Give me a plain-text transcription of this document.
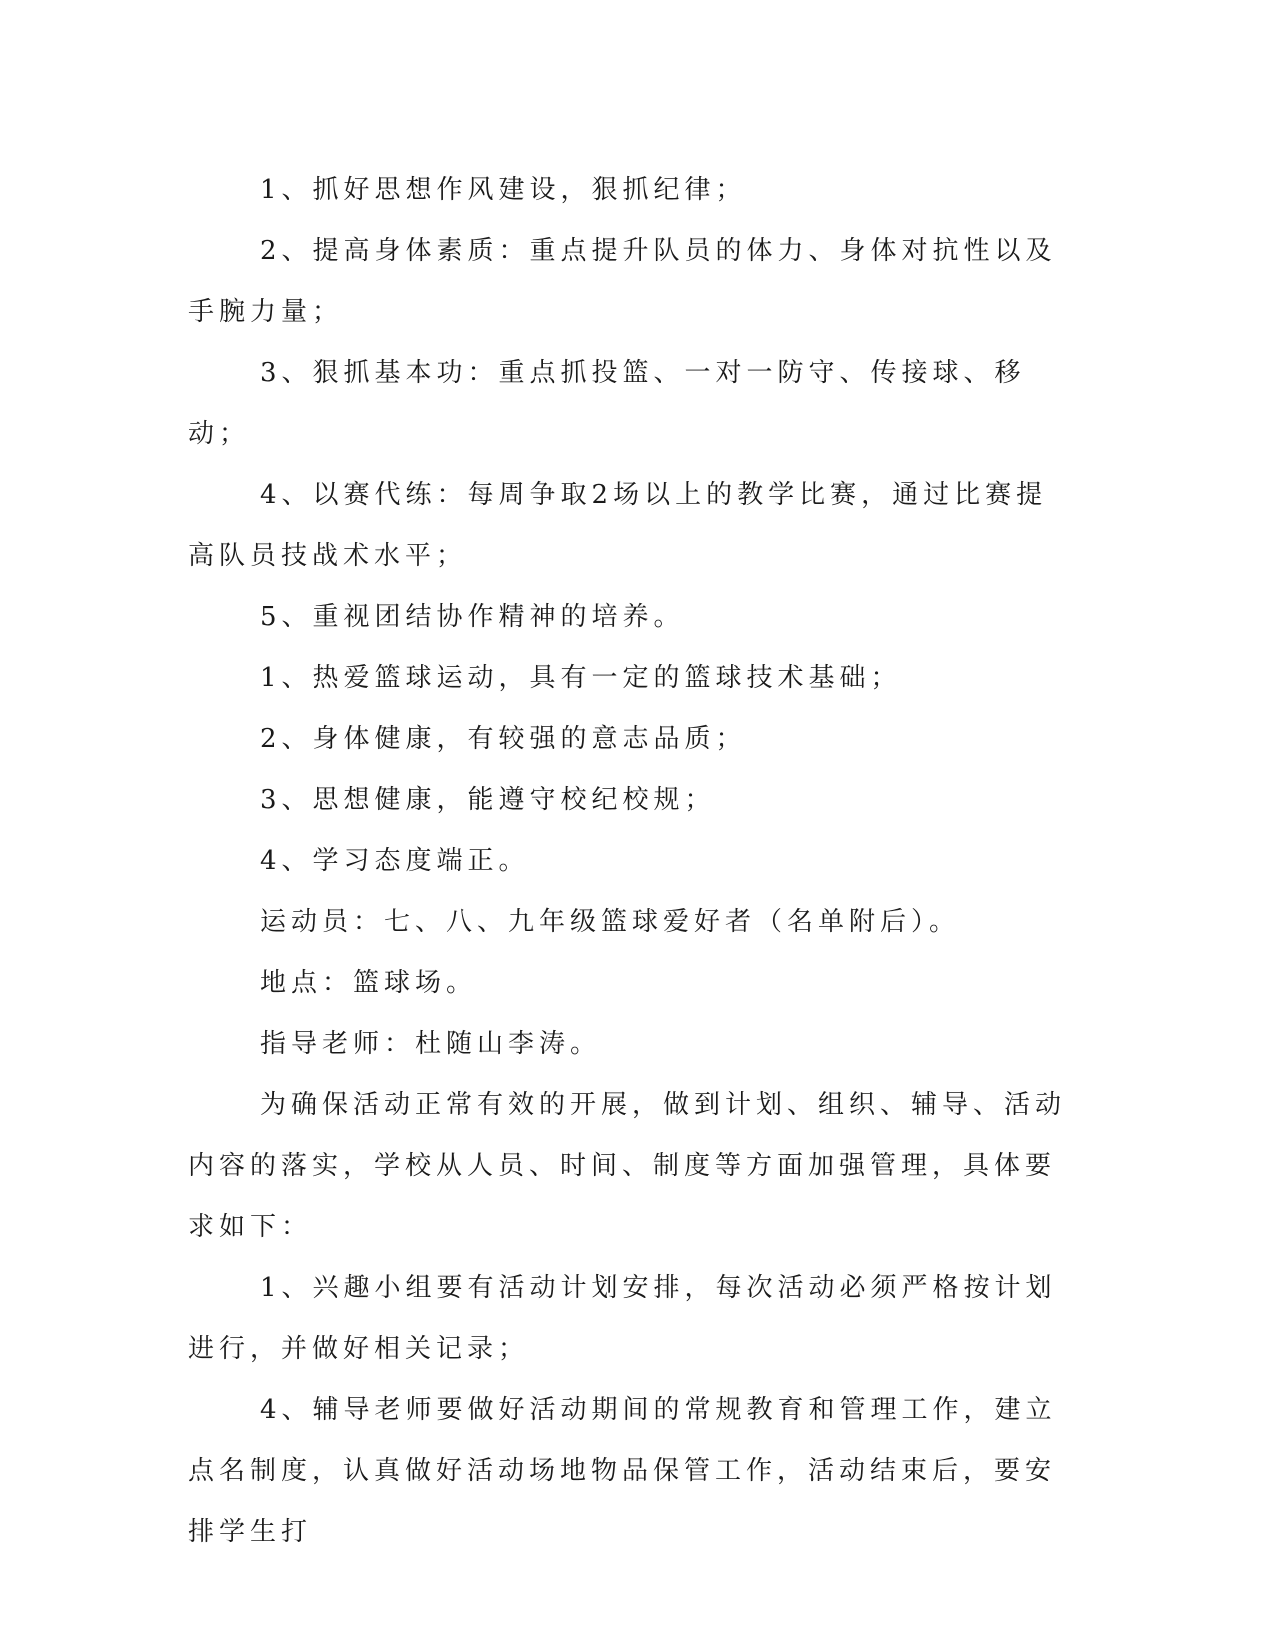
1、抓好思想作风建设，狠抓纪律；

2、提高身体素质：重点提升队员的体力、身体对抗性以及手腕力量；

3、狠抓基本功：重点抓投篮、一对一防守、传接球、移动；

4、以赛代练：每周争取2场以上的教学比赛，通过比赛提高队员技战术水平；

5、重视团结协作精神的培养。

1、热爱篮球运动，具有一定的篮球技术基础；

2、身体健康，有较强的意志品质；

3、思想健康，能遵守校纪校规；

4、学习态度端正。

运动员：七、八、九年级篮球爱好者（名单附后）。

地点：篮球场。

指导老师：杜随山李涛。

为确保活动正常有效的开展，做到计划、组织、辅导、活动内容的落实，学校从人员、时间、制度等方面加强管理，具体要求如下：

1、兴趣小组要有活动计划安排，每次活动必须严格按计划进行，并做好相关记录；

4、辅导老师要做好活动期间的常规教育和管理工作，建立点名制度，认真做好活动场地物品保管工作，活动结束后，要安排学生打
